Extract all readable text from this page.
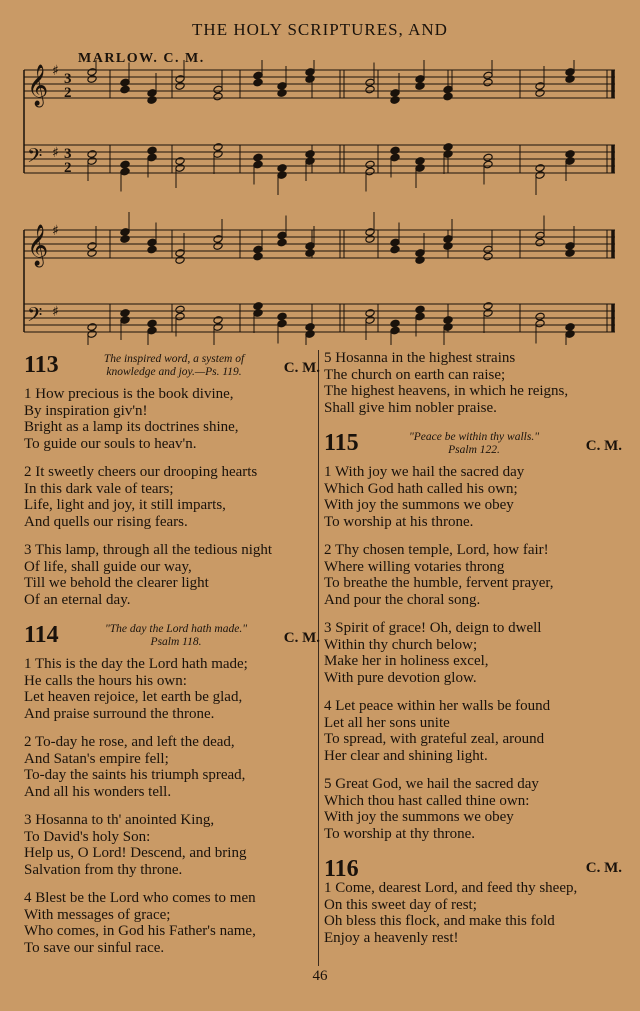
THE HOLY SCRIPTURES, AND
MARLOW. C. M.
𝄞 ♯ 3
2
𝄢 ♯ 3
2
𝄞 ♯
𝄢 ♯
113	The inspired word, a system of
knowledge and joy.—Ps. 119.	C. M.
1 How precious is the book divine,
By inspiration giv'n!
Bright as a lamp its doctrines shine,
To guide our souls to heav'n.
2 It sweetly cheers our drooping hearts
In this dark vale of tears;
Life, light and joy, it still imparts,
And quells our rising fears.
3 This lamp, through all the tedious night
Of life, shall guide our way,
Till we behold the clearer light
Of an eternal day.
114	"The day the Lord hath made."
Psalm 118.	C. M.
1 This is the day the Lord hath made;
He calls the hours his own:
Let heaven rejoice, let earth be glad,
And praise surround the throne.
2 To-day he rose, and left the dead,
And Satan's empire fell;
To-day the saints his triumph spread,
And all his wonders tell.
3 Hosanna to th' anointed King,
To David's holy Son:
Help us, O Lord! Descend, and bring
Salvation from thy throne.
4 Blest be the Lord who comes to men
With messages of grace;
Who comes, in God his Father's name,
To save our sinful race.
5 Hosanna in the highest strains
The church on earth can raise;
The highest heavens, in which he reigns,
Shall give him nobler praise.
115	"Peace be within thy walls."
Psalm 122.	C. M.
1 With joy we hail the sacred day
Which God hath called his own;
With joy the summons we obey
To worship at his throne.
2 Thy chosen temple, Lord, how fair!
Where willing votaries throng
To breathe the humble, fervent prayer,
And pour the choral song.
3 Spirit of grace! Oh, deign to dwell
Within thy church below;
Make her in holiness excel,
With pure devotion glow.
4 Let peace within her walls be found
Let all her sons unite
To spread, with grateful zeal, around
Her clear and shining light.
5 Great God, we hail the sacred day
Which thou hast called thine own:
With joy the summons we obey
To worship at thy throne.
116	C. M.
1 Come, dearest Lord, and feed thy sheep,
On this sweet day of rest;
Oh bless this flock, and make this fold
Enjoy a heavenly rest!
46
